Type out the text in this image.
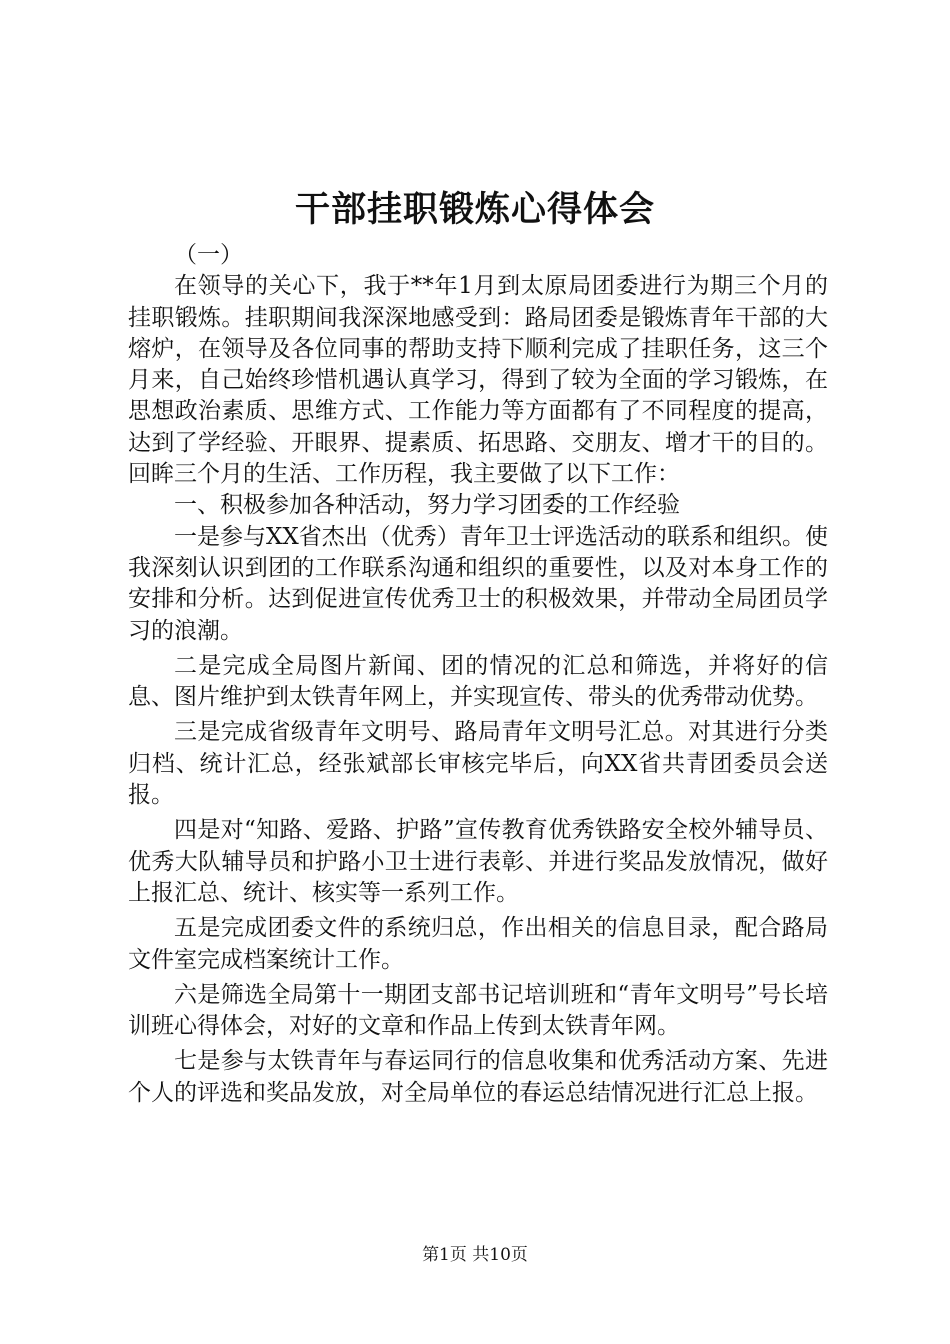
干部挂职锻炼心得体会

（一）

在领导的关心下，我于**年1月到太原局团委进行为期三个月的挂职锻炼。挂职期间我深深地感受到：路局团委是锻炼青年干部的大熔炉，在领导及各位同事的帮助支持下顺利完成了挂职任务，这三个月来，自己始终珍惜机遇认真学习，得到了较为全面的学习锻炼，在思想政治素质、思维方式、工作能力等方面都有了不同程度的提高，达到了学经验、开眼界、提素质、拓思路、交朋友、增才干的目的。回眸三个月的生活、工作历程，我主要做了以下工作：

一、积极参加各种活动，努力学习团委的工作经验

一是参与XX省杰出（优秀）青年卫士评选活动的联系和组织。使我深刻认识到团的工作联系沟通和组织的重要性，以及对本身工作的安排和分析。达到促进宣传优秀卫士的积极效果，并带动全局团员学习的浪潮。

二是完成全局图片新闻、团的情况的汇总和筛选，并将好的信息、图片维护到太铁青年网上，并实现宣传、带头的优秀带动优势。

三是完成省级青年文明号、路局青年文明号汇总。对其进行分类归档、统计汇总，经张斌部长审核完毕后，向XX省共青团委员会送报。

四是对“知路、爱路、护路”宣传教育优秀铁路安全校外辅导员、优秀大队辅导员和护路小卫士进行表彰、并进行奖品发放情况，做好上报汇总、统计、核实等一系列工作。

五是完成团委文件的系统归总，作出相关的信息目录，配合路局文件室完成档案统计工作。

六是筛选全局第十一期团支部书记培训班和“青年文明号”号长培训班心得体会，对好的文章和作品上传到太铁青年网。

七是参与太铁青年与春运同行的信息收集和优秀活动方案、先进个人的评选和奖品发放，对全局单位的春运总结情况进行汇总上报。

第1页 共10页
